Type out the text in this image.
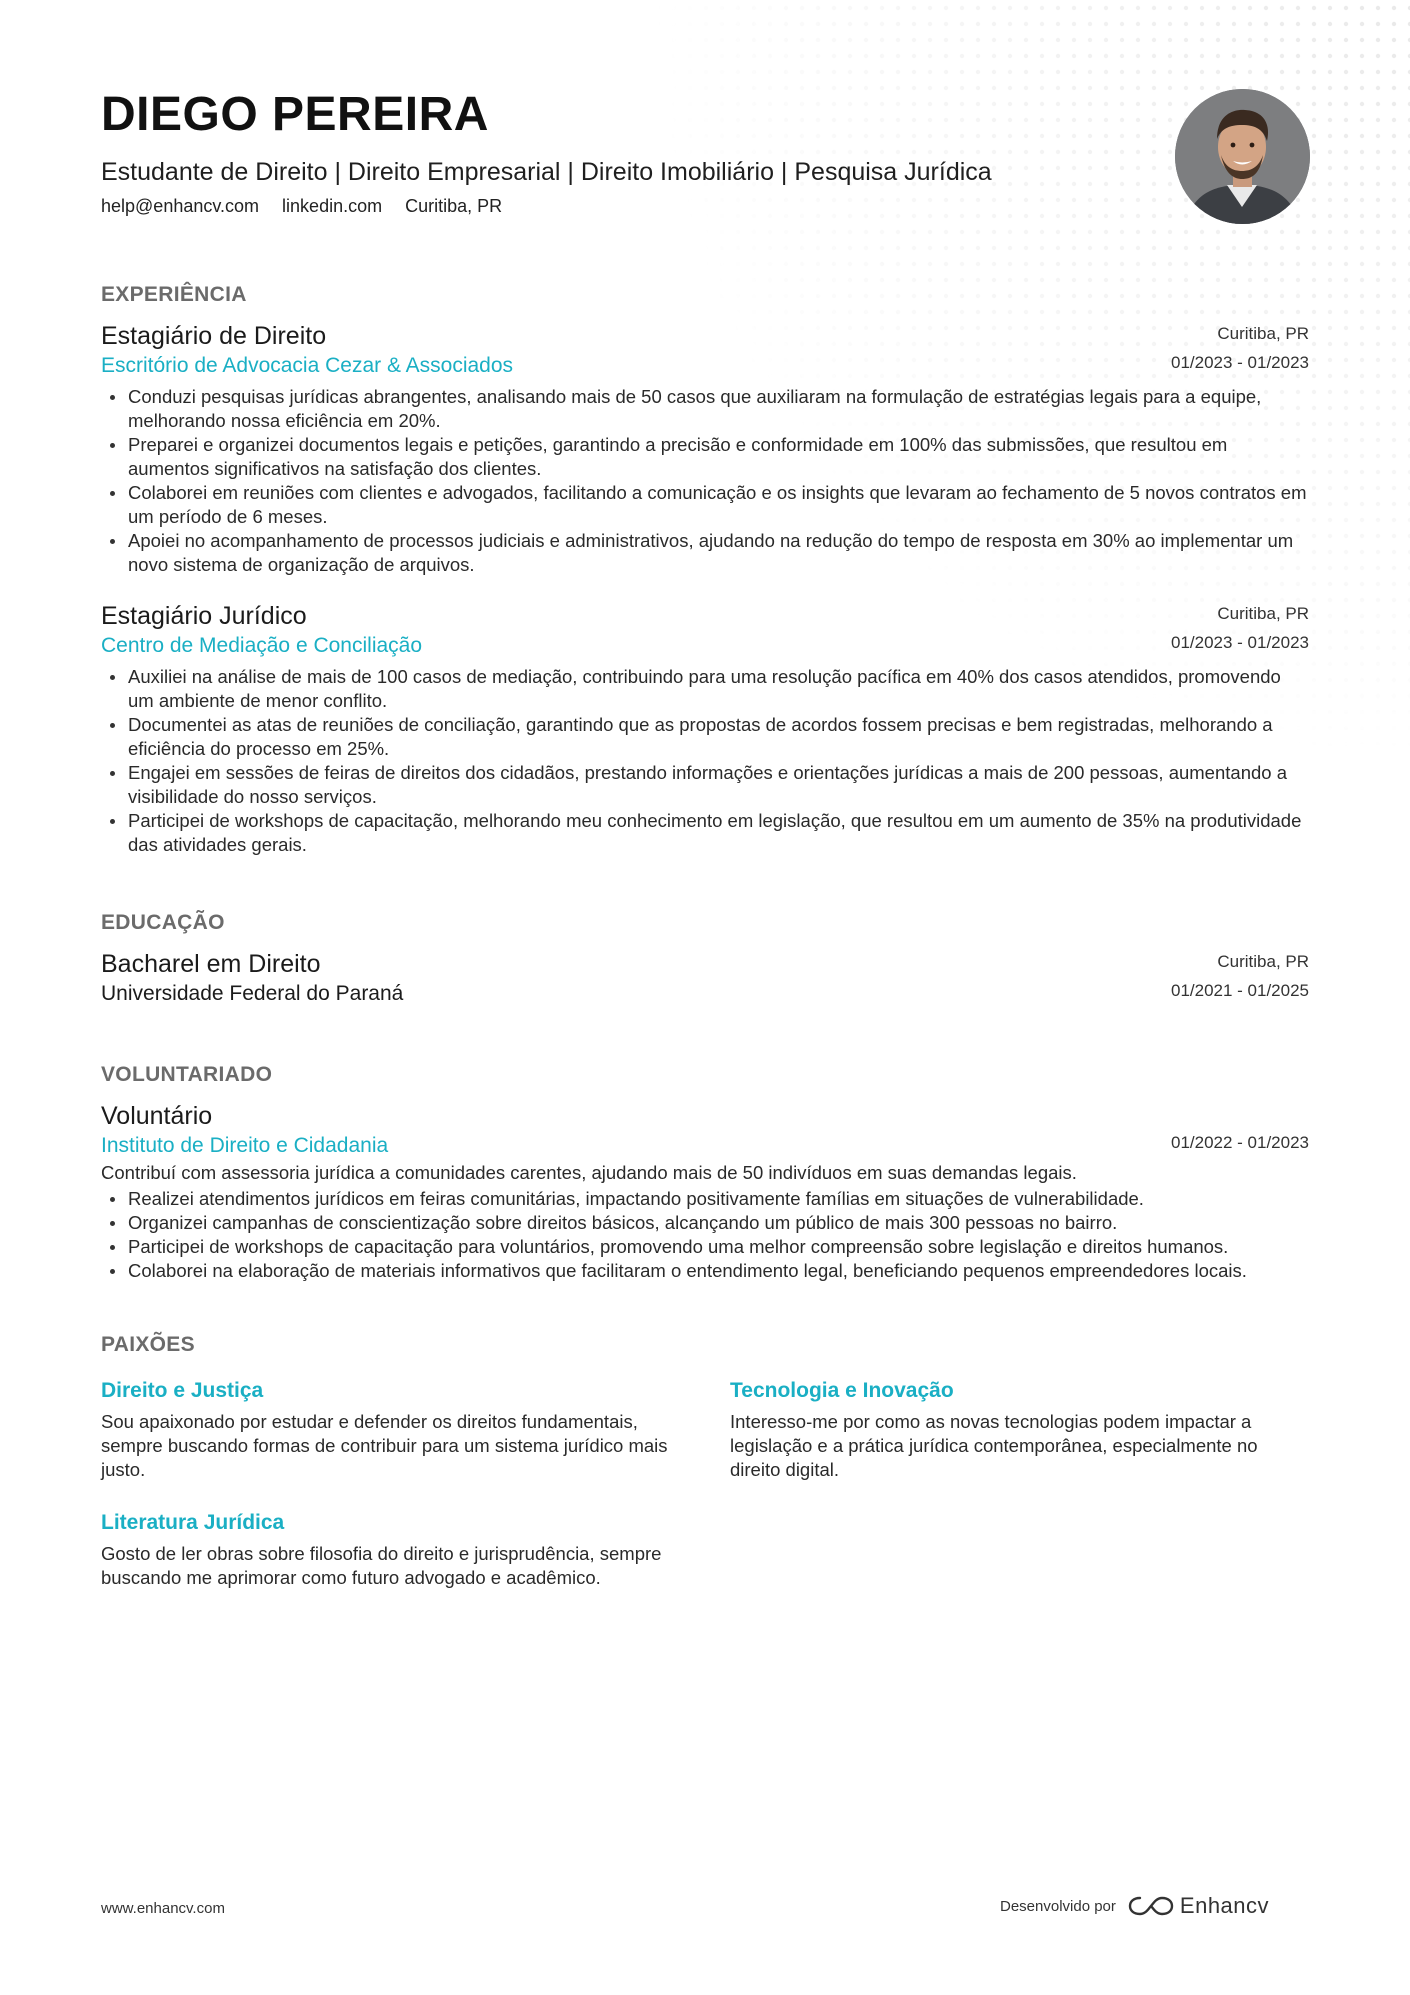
DIEGO PEREIRA
Estudante de Direito | Direito Empresarial | Direito Imobiliário | Pesquisa Jurídica
help@enhancv.com linkedin.com Curitiba, PR
EXPERIÊNCIA
Estagiário de Direito
Escritório de Advocacia Cezar & Associados
Curitiba, PR
01/2023 - 01/2023
Conduzi pesquisas jurídicas abrangentes, analisando mais de 50 casos que auxiliaram na formulação de estratégias legais para a equipe, melhorando nossa eficiência em 20%.
Preparei e organizei documentos legais e petições, garantindo a precisão e conformidade em 100% das submissões, que resultou em aumentos significativos na satisfação dos clientes.
Colaborei em reuniões com clientes e advogados, facilitando a comunicação e os insights que levaram ao fechamento de 5 novos contratos em um período de 6 meses.
Apoiei no acompanhamento de processos judiciais e administrativos, ajudando na redução do tempo de resposta em 30% ao implementar um novo sistema de organização de arquivos.
Estagiário Jurídico
Centro de Mediação e Conciliação
Curitiba, PR
01/2023 - 01/2023
Auxiliei na análise de mais de 100 casos de mediação, contribuindo para uma resolução pacífica em 40% dos casos atendidos, promovendo um ambiente de menor conflito.
Documentei as atas de reuniões de conciliação, garantindo que as propostas de acordos fossem precisas e bem registradas, melhorando a eficiência do processo em 25%.
Engajei em sessões de feiras de direitos dos cidadãos, prestando informações e orientações jurídicas a mais de 200 pessoas, aumentando a visibilidade do nosso serviços.
Participei de workshops de capacitação, melhorando meu conhecimento em legislação, que resultou em um aumento de 35% na produtividade das atividades gerais.
EDUCAÇÃO
Bacharel em Direito
Universidade Federal do Paraná
Curitiba, PR
01/2021 - 01/2025
VOLUNTARIADO
Voluntário
Instituto de Direito e Cidadania	01/2022 - 01/2023
Contribuí com assessoria jurídica a comunidades carentes, ajudando mais de 50 indivíduos em suas demandas legais.
Realizei atendimentos jurídicos em feiras comunitárias, impactando positivamente famílias em situações de vulnerabilidade.
Organizei campanhas de conscientização sobre direitos básicos, alcançando um público de mais 300 pessoas no bairro.
Participei de workshops de capacitação para voluntários, promovendo uma melhor compreensão sobre legislação e direitos humanos.
Colaborei na elaboração de materiais informativos que facilitaram o entendimento legal, beneficiando pequenos empreendedores locais.
PAIXÕES
Direito e Justiça
Sou apaixonado por estudar e defender os direitos fundamentais, sempre buscando formas de contribuir para um sistema jurídico mais justo.
Tecnologia e Inovação
Interesso-me por como as novas tecnologias podem impactar a legislação e a prática jurídica contemporânea, especialmente no direito digital.
Literatura Jurídica
Gosto de ler obras sobre filosofia do direito e jurisprudência, sempre buscando me aprimorar como futuro advogado e acadêmico.
www.enhancv.com	Desenvolvido por	Enhancv
